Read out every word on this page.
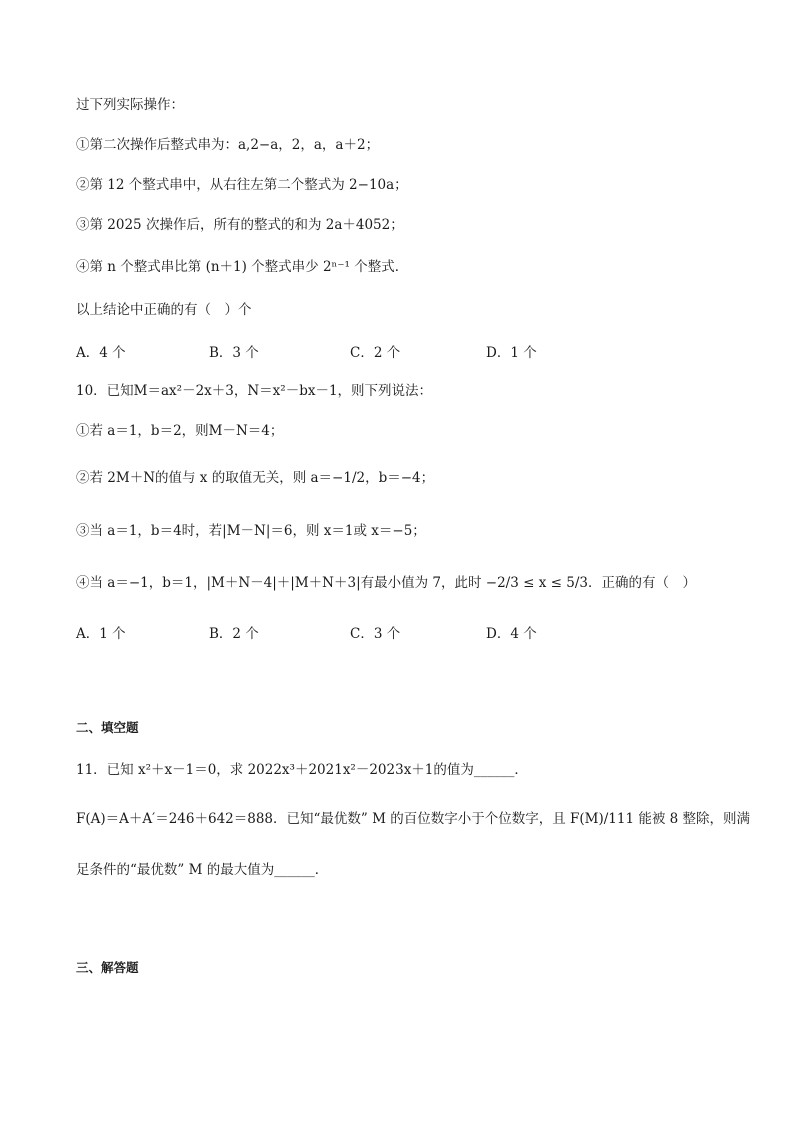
过下列实际操作：
①第二次操作后整式串为：a,2−a，2，a，a＋2；
②第 12 个整式串中，从右往左第二个整式为 2−10a；
③第 2025 次操作后，所有的整式的和为 2a＋4052；
④第 n 个整式串比第 (n＋1) 个整式串少 2ⁿ⁻¹ 个整式．
以上结论中正确的有（　）个
A．4 个	B．3 个	C．2 个	D．1 个
10．已知M＝ax²－2x＋3，N＝x²－bx－1，则下列说法：
①若 a＝1，b＝2，则M－N＝4；
②若 2M＋N的值与 x 的取值无关，则 a＝−1/2，b＝−4；
③当 a＝1，b＝4时，若|M－N|＝6，则 x＝1或 x＝−5；
④当 a＝−1，b＝1，|M＋N－4|＋|M＋N＋3|有最小值为 7，此时 −2/3 ≤ x ≤ 5/3．正确的有（　）
A．1 个	B．2 个	C．3 个	D．4 个
二、填空题
11．已知 x²＋x－1＝0，求 2022x³＋2021x²－2023x＋1的值为______．
F(A)＝A＋A′＝246＋642＝888．已知“最优数” M 的百位数字小于个位数字，且 F(M)/111 能被 8 整除，则满
足条件的“最优数” M 的最大值为______．
三、解答题
